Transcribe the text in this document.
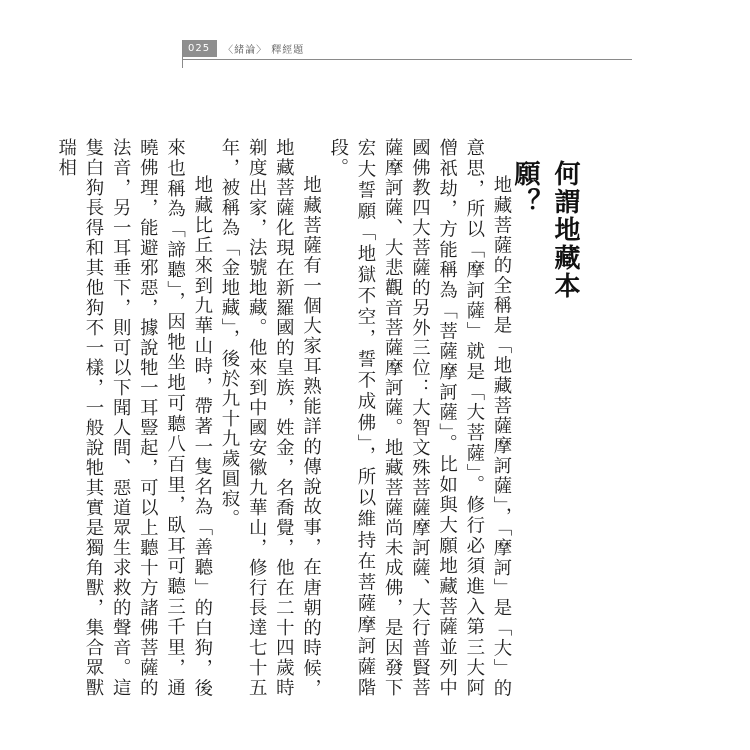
025	〈緒論〉 釋經題
何謂地藏本願？

地藏菩薩的全稱是「地藏菩薩摩訶薩」，「摩訶」是「大」的意思，所以「摩訶薩」就是「大菩薩」。修行必須進入第三大阿僧祇劫，方能稱為「菩薩摩訶薩」。比如與大願地藏菩薩並列中國佛教四大菩薩的另外三位：大智文殊菩薩摩訶薩、大行普賢菩薩摩訶薩、大悲觀音菩薩摩訶薩。地藏菩薩尚未成佛，是因發下宏大誓願「地獄不空，誓不成佛」，所以維持在菩薩摩訶薩階段。

地藏菩薩有一個大家耳熟能詳的傳說故事，在唐朝的時候，地藏菩薩化現在新羅國的皇族，姓金，名喬覺，他在二十四歲時剃度出家，法號地藏。他來到中國安徽九華山，修行長達七十五年，被稱為「金地藏」，後於九十九歲圓寂。

地藏比丘來到九華山時，帶著一隻名為「善聽」的白狗，後來也稱為「諦聽」，因牠坐地可聽八百里，臥耳可聽三千里，通曉佛理，能避邪惡，據說牠一耳豎起，可以上聽十方諸佛菩薩的法音，另一耳垂下，則可以下聞人間、惡道眾生求救的聲音。這隻白狗長得和其他狗不一樣，一般說牠其實是獨角獸，集合眾獸瑞相
